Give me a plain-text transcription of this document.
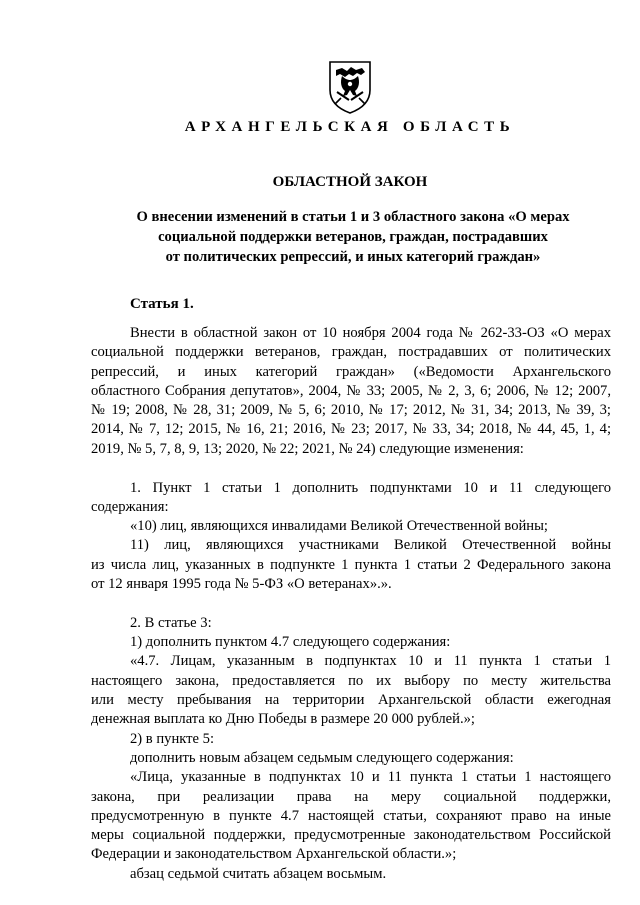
АРХАНГЕЛЬСКАЯ ОБЛАСТЬ
ОБЛАСТНОЙ ЗАКОН
О внесении изменений в статьи 1 и 3 областного закона «О мерах
социальной поддержки ветеранов, граждан, пострадавших
от политических репрессий, и иных категорий граждан»
Статья 1.
Внести в областной закон от 10 ноября 2004 года № 262-33-ОЗ «О мерах
социальной поддержки ветеранов, граждан, пострадавших от политических
репрессий, и иных категорий граждан» («Ведомости Архангельского
областного Собрания депутатов», 2004, № 33; 2005, № 2, 3, 6; 2006, № 12; 2007,
№ 19; 2008, № 28, 31; 2009, № 5, 6; 2010, № 17; 2012, № 31, 34; 2013, № 39, 3;
2014, № 7, 12; 2015, № 16, 21; 2016, № 23; 2017, № 33, 34; 2018, № 44, 45, 1, 4;
2019, № 5, 7, 8, 9, 13; 2020, № 22; 2021, № 24) следующие изменения:
1. Пункт 1 статьи 1 дополнить подпунктами 10 и 11 следующего
содержания:
«10) лиц, являющихся инвалидами Великой Отечественной войны;
11) лиц, являющихся участниками Великой Отечественной войны
из числа лиц, указанных в подпункте 1 пункта 1 статьи 2 Федерального закона
от 12 января 1995 года № 5-ФЗ «О ветеранах».».
2. В статье 3:
1) дополнить пунктом 4.7 следующего содержания:
«4.7. Лицам, указанным в подпунктах 10 и 11 пункта 1 статьи 1
настоящего закона, предоставляется по их выбору по месту жительства
или месту пребывания на территории Архангельской области ежегодная
денежная выплата ко Дню Победы в размере 20 000 рублей.»;
2) в пункте 5:
дополнить новым абзацем седьмым следующего содержания:
«Лица, указанные в подпунктах 10 и 11 пункта 1 статьи 1 настоящего
закона, при реализации права на меру социальной поддержки,
предусмотренную в пункте 4.7 настоящей статьи, сохраняют право на иные
меры социальной поддержки, предусмотренные законодательством Российской
Федерации и законодательством Архангельской области.»;
абзац седьмой считать абзацем восьмым.
